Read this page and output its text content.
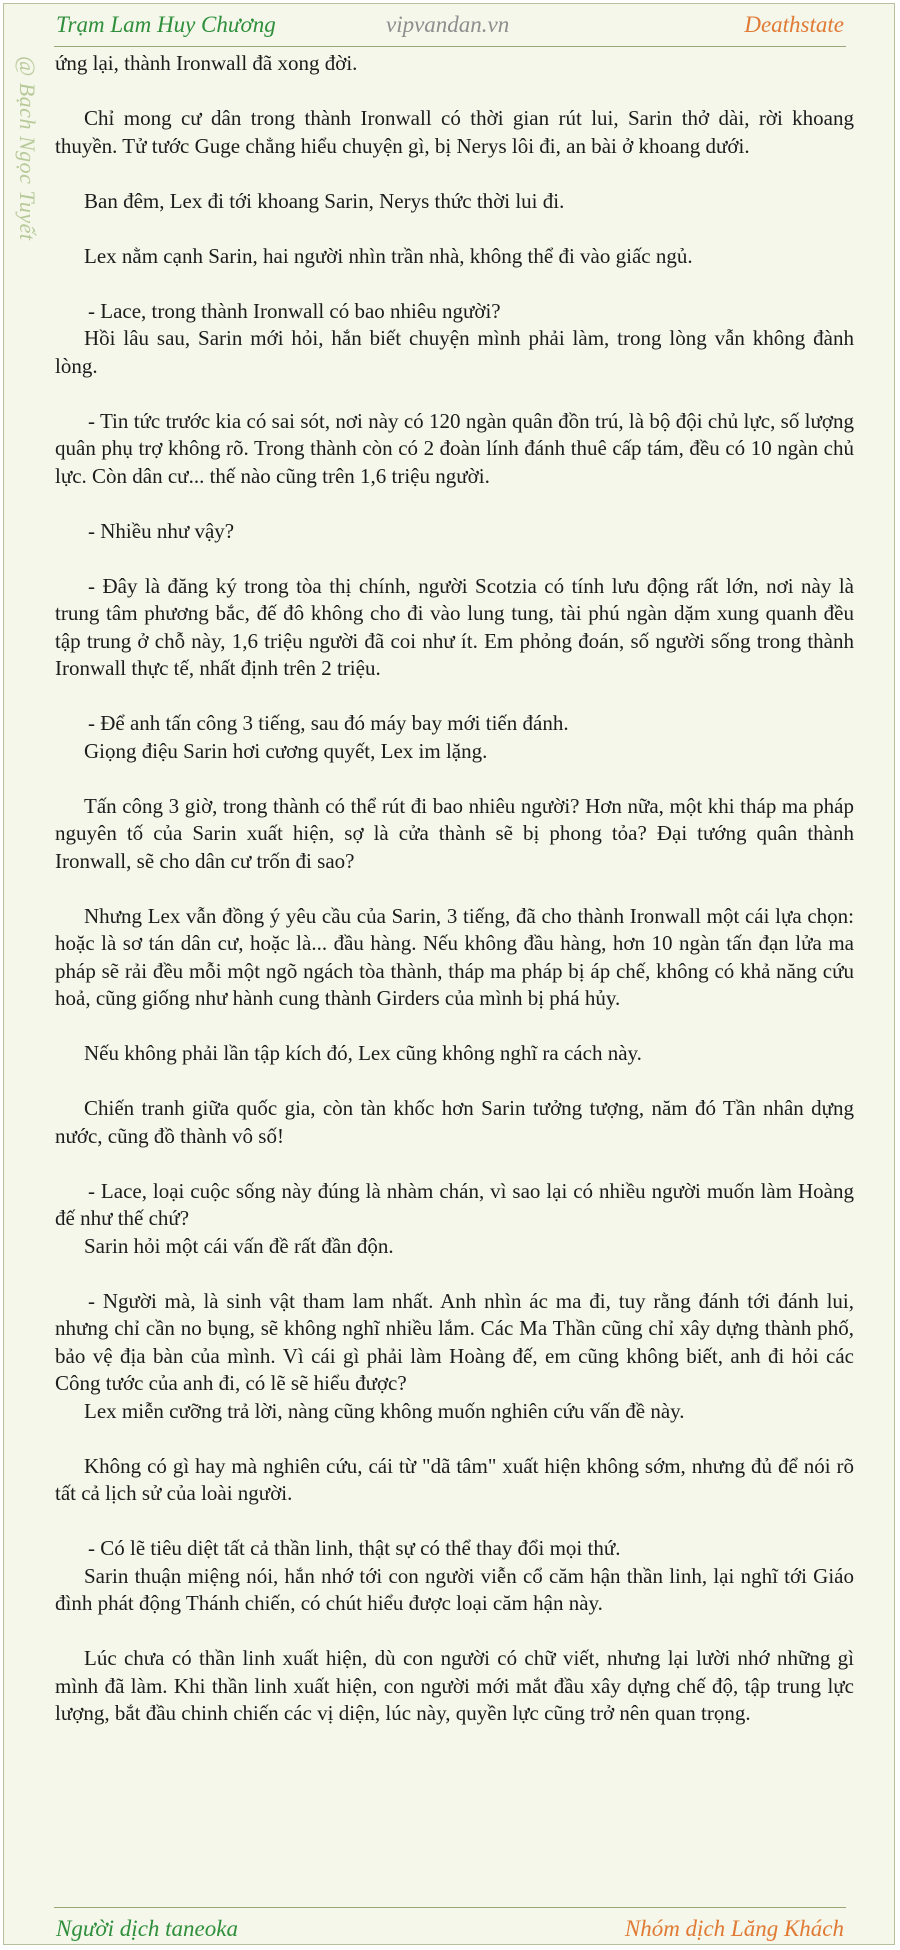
Trạm Lam Huy Chương	vipvandan.vn	Deathstate
@ Bạch Ngọc Tuyết ứng lại, thành Ironwall đã xong đời.

Chỉ mong cư dân trong thành Ironwall có thời gian rút lui, Sarin thở dài, rời khoang thuyền. Tử tước Guge chẳng hiểu chuyện gì, bị Nerys lôi đi, an bài ở khoang dưới.

Ban đêm, Lex đi tới khoang Sarin, Nerys thức thời lui đi.

Lex nằm cạnh Sarin, hai người nhìn trần nhà, không thể đi vào giấc ngủ.

- Lace, trong thành Ironwall có bao nhiêu người?
Hồi lâu sau, Sarin mới hỏi, hắn biết chuyện mình phải làm, trong lòng vẫn không đành lòng.

- Tin tức trước kia có sai sót, nơi này có 120 ngàn quân đồn trú, là bộ đội chủ lực, số lượng quân phụ trợ không rõ. Trong thành còn có 2 đoàn lính đánh thuê cấp tám, đều có 10 ngàn chủ lực. Còn dân cư... thế nào cũng trên 1,6 triệu người.

- Nhiều như vậy?

- Đây là đăng ký trong tòa thị chính, người Scotzia có tính lưu động rất lớn, nơi này là trung tâm phương bắc, đế đô không cho đi vào lung tung, tài phú ngàn dặm xung quanh đều tập trung ở chỗ này, 1,6 triệu người đã coi như ít. Em phỏng đoán, số người sống trong thành Ironwall thực tế, nhất định trên 2 triệu.

- Để anh tấn công 3 tiếng, sau đó máy bay mới tiến đánh.
Giọng điệu Sarin hơi cương quyết, Lex im lặng.

Tấn công 3 giờ, trong thành có thể rút đi bao nhiêu người? Hơn nữa, một khi tháp ma pháp nguyên tố của Sarin xuất hiện, sợ là cửa thành sẽ bị phong tỏa? Đại tướng quân thành Ironwall, sẽ cho dân cư trốn đi sao?

Nhưng Lex vẫn đồng ý yêu cầu của Sarin, 3 tiếng, đã cho thành Ironwall một cái lựa chọn: hoặc là sơ tán dân cư, hoặc là... đầu hàng. Nếu không đầu hàng, hơn 10 ngàn tấn đạn lửa ma pháp sẽ rải đều mỗi một ngõ ngách tòa thành, tháp ma pháp bị áp chế, không có khả năng cứu hoả, cũng giống như hành cung thành Girders của mình bị phá hủy.

Nếu không phải lần tập kích đó, Lex cũng không nghĩ ra cách này.

Chiến tranh giữa quốc gia, còn tàn khốc hơn Sarin tưởng tượng, năm đó Tần nhân dựng nước, cũng đồ thành vô số!

- Lace, loại cuộc sống này đúng là nhàm chán, vì sao lại có nhiều người muốn làm Hoàng đế như thế chứ?
Sarin hỏi một cái vấn đề rất đần độn.

- Người mà, là sinh vật tham lam nhất. Anh nhìn ác ma đi, tuy rằng đánh tới đánh lui, nhưng chỉ cần no bụng, sẽ không nghĩ nhiều lắm. Các Ma Thần cũng chỉ xây dựng thành phố, bảo vệ địa bàn của mình. Vì cái gì phải làm Hoàng đế, em cũng không biết, anh đi hỏi các Công tước của anh đi, có lẽ sẽ hiểu được?
Lex miễn cưỡng trả lời, nàng cũng không muốn nghiên cứu vấn đề này.

Không có gì hay mà nghiên cứu, cái từ "dã tâm" xuất hiện không sớm, nhưng đủ để nói rõ tất cả lịch sử của loài người.

- Có lẽ tiêu diệt tất cả thần linh, thật sự có thể thay đổi mọi thứ.
Sarin thuận miệng nói, hắn nhớ tới con người viễn cổ căm hận thần linh, lại nghĩ tới Giáo đình phát động Thánh chiến, có chút hiểu được loại căm hận này.

Lúc chưa có thần linh xuất hiện, dù con người có chữ viết, nhưng lại lười nhớ những gì mình đã làm. Khi thần linh xuất hiện, con người mới mắt đầu xây dựng chế độ, tập trung lực lượng, bắt đầu chinh chiến các vị diện, lúc này, quyền lực cũng trở nên quan trọng.

Người dịch taneoka	Nhóm dịch Lăng Khách
